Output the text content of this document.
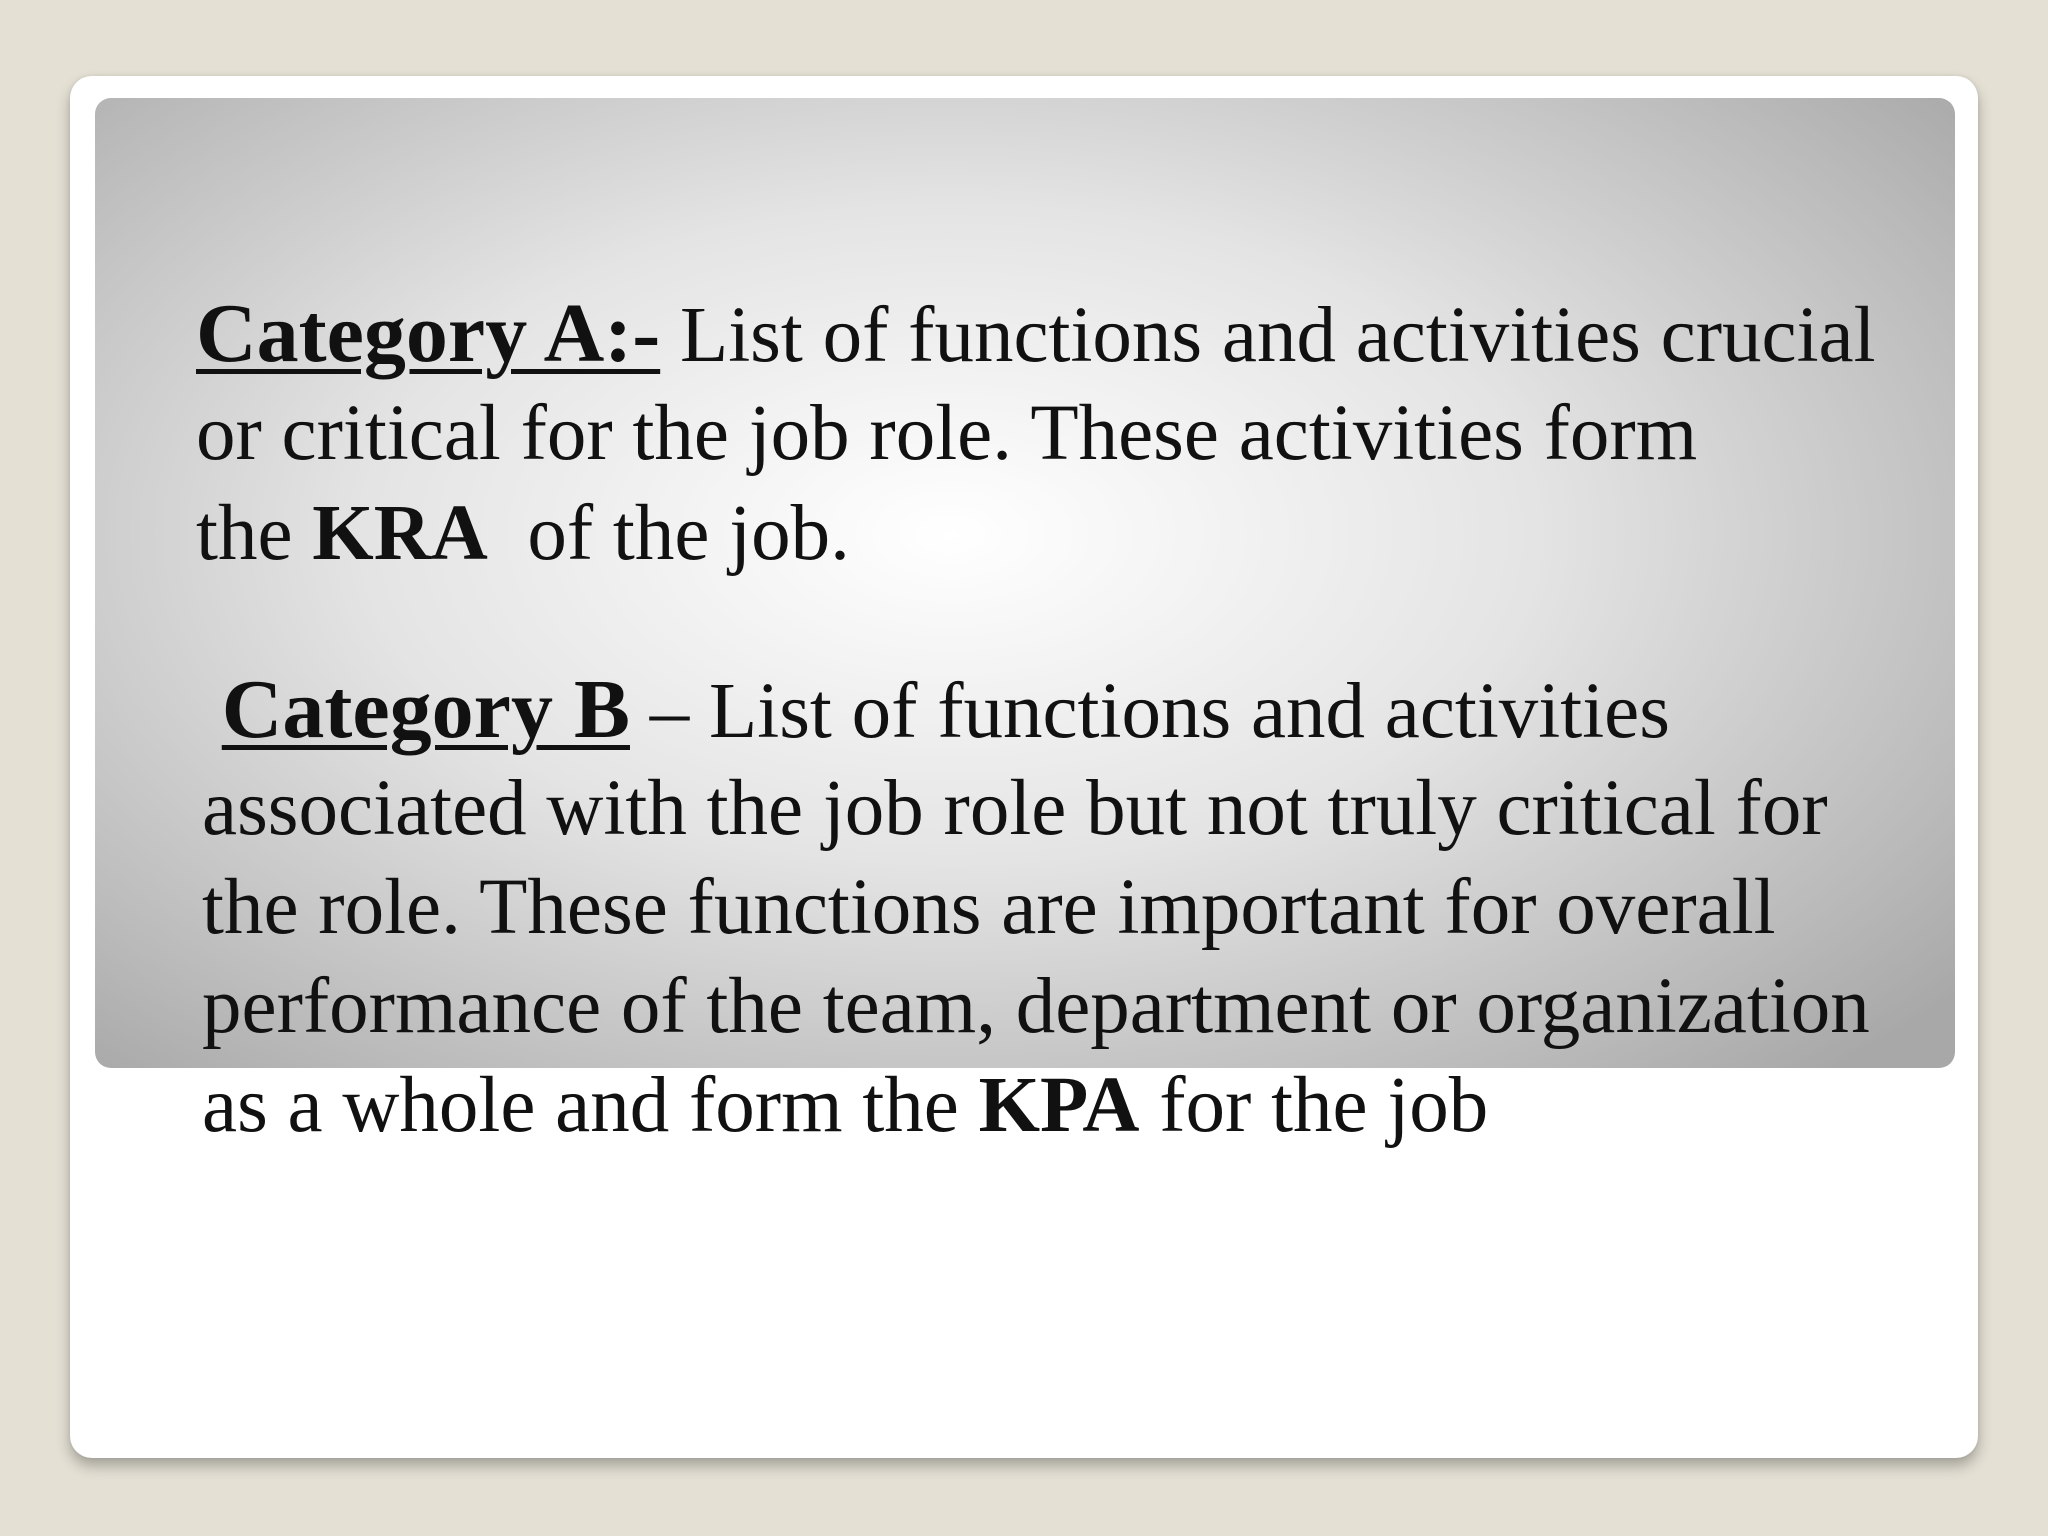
Category A:- List of functions and activities crucial
or critical for the job role. These activities form
the KRA  of the job.

Category B – List of functions and activities
associated with the job role but not truly critical for
the role. These functions are important for overall
performance of the team, department or organization
as a whole and form the KPA for the job
